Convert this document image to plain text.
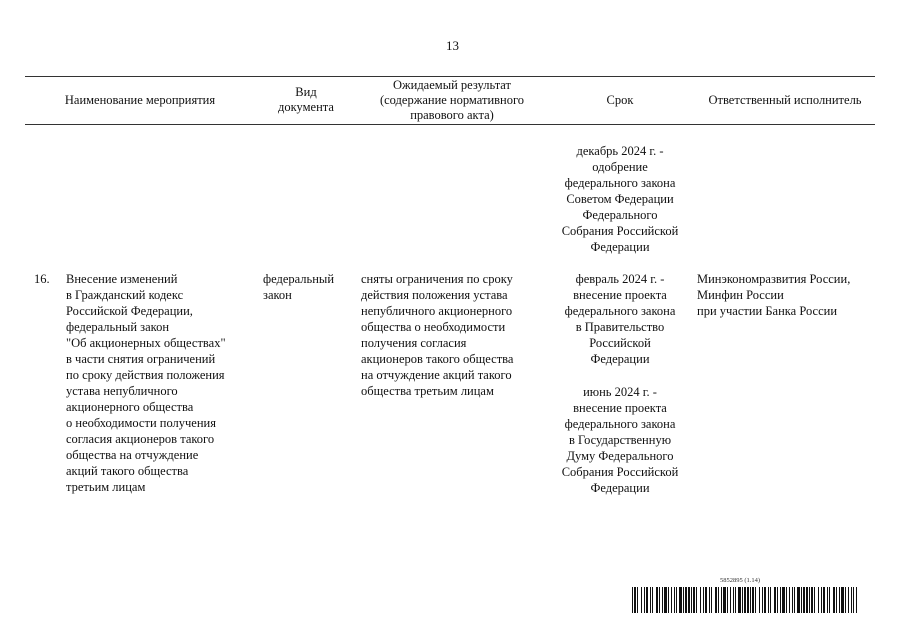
13
Наименование мероприятия
Вид
документа
Ожидаемый результат
(содержание нормативного
правового акта)
Срок	Ответственный исполнитель
декабрь 2024 г. -
одобрение
федерального закона
Советом Федерации
Федерального
Собрания Российской
Федерации
16. Внесение изменений
в Гражданский кодекс
Российской Федерации,
федеральный закон
"Об акционерных обществах"
в части снятия ограничений
по сроку действия положения
устава непубличного
акционерного общества
о необходимости получения
согласия акционеров такого
общества на отчуждение
акций такого общества
третьим лицам
федеральный
закон
сняты ограничения по сроку
действия положения устава
непубличного акционерного
общества о необходимости
получения согласия
акционеров такого общества
на отчуждение акций такого
общества третьим лицам
февраль 2024 г. -
внесение проекта
федерального закона
в Правительство
Российской
Федерации
июнь 2024 г. -
внесение проекта
федерального закона
в Государственную
Думу Федерального
Собрания Российской
Федерации
Минэкономразвития России,
Минфин России
при участии Банка России
5852895 (1.14)
